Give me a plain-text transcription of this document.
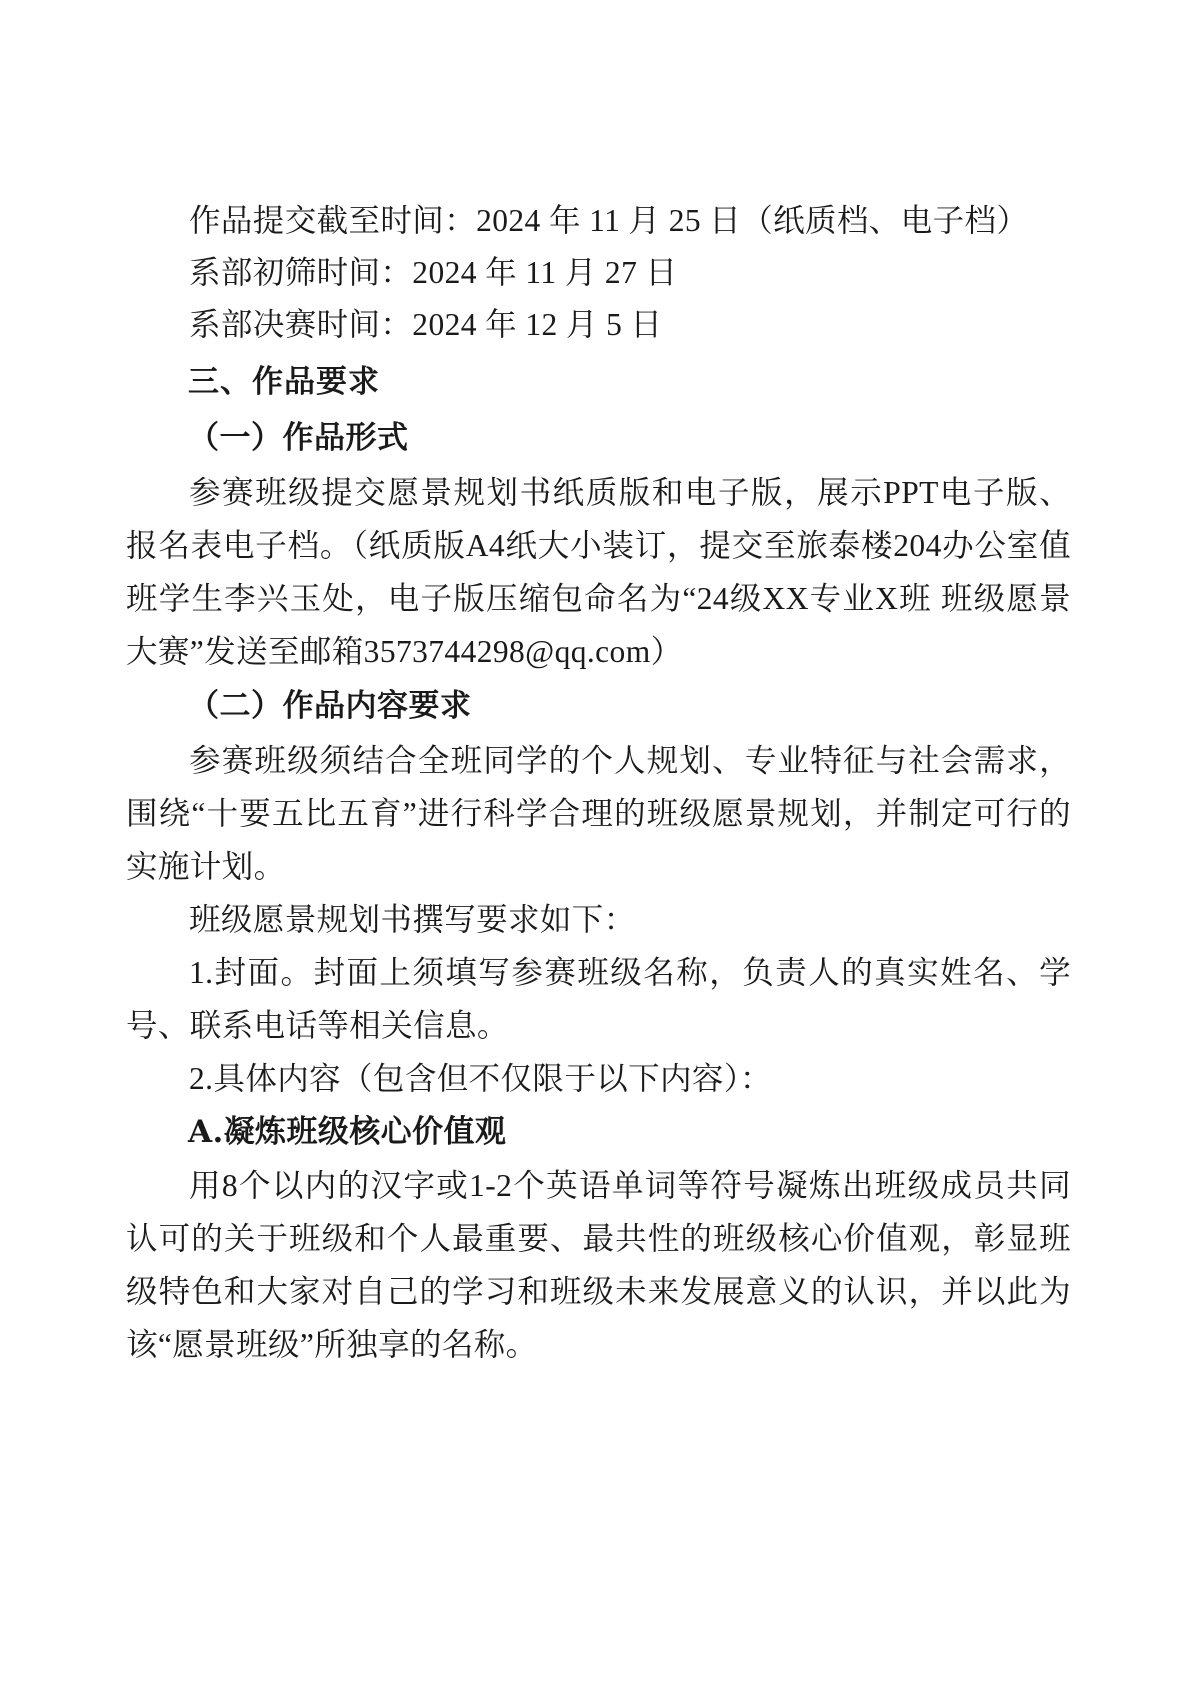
作品提交截至时间：2024 年 11 月 25 日（纸质档、电子档）

系部初筛时间：2024 年 11 月 27 日

系部决赛时间：2024 年 12 月 5 日

三、作品要求

（一）作品形式

参赛班级提交愿景规划书纸质版和电子版，展示PPT电子版、报名表电子档。（纸质版A4纸大小装订，提交至旅泰楼204办公室值班学生李兴玉处，电子版压缩包命名为“24级XX专业X班 班级愿景大赛”发送至邮箱3573744298@qq.com）

（二）作品内容要求

参赛班级须结合全班同学的个人规划、专业特征与社会需求，围绕“十要五比五育”进行科学合理的班级愿景规划，并制定可行的实施计划。

班级愿景规划书撰写要求如下：

1.封面。封面上须填写参赛班级名称，负责人的真实姓名、学号、联系电话等相关信息。

2.具体内容（包含但不仅限于以下内容）：

A.凝炼班级核心价值观

用8个以内的汉字或1-2个英语单词等符号凝炼出班级成员共同认可的关于班级和个人最重要、最共性的班级核心价值观，彰显班级特色和大家对自己的学习和班级未来发展意义的认识，并以此为该“愿景班级”所独享的名称。
